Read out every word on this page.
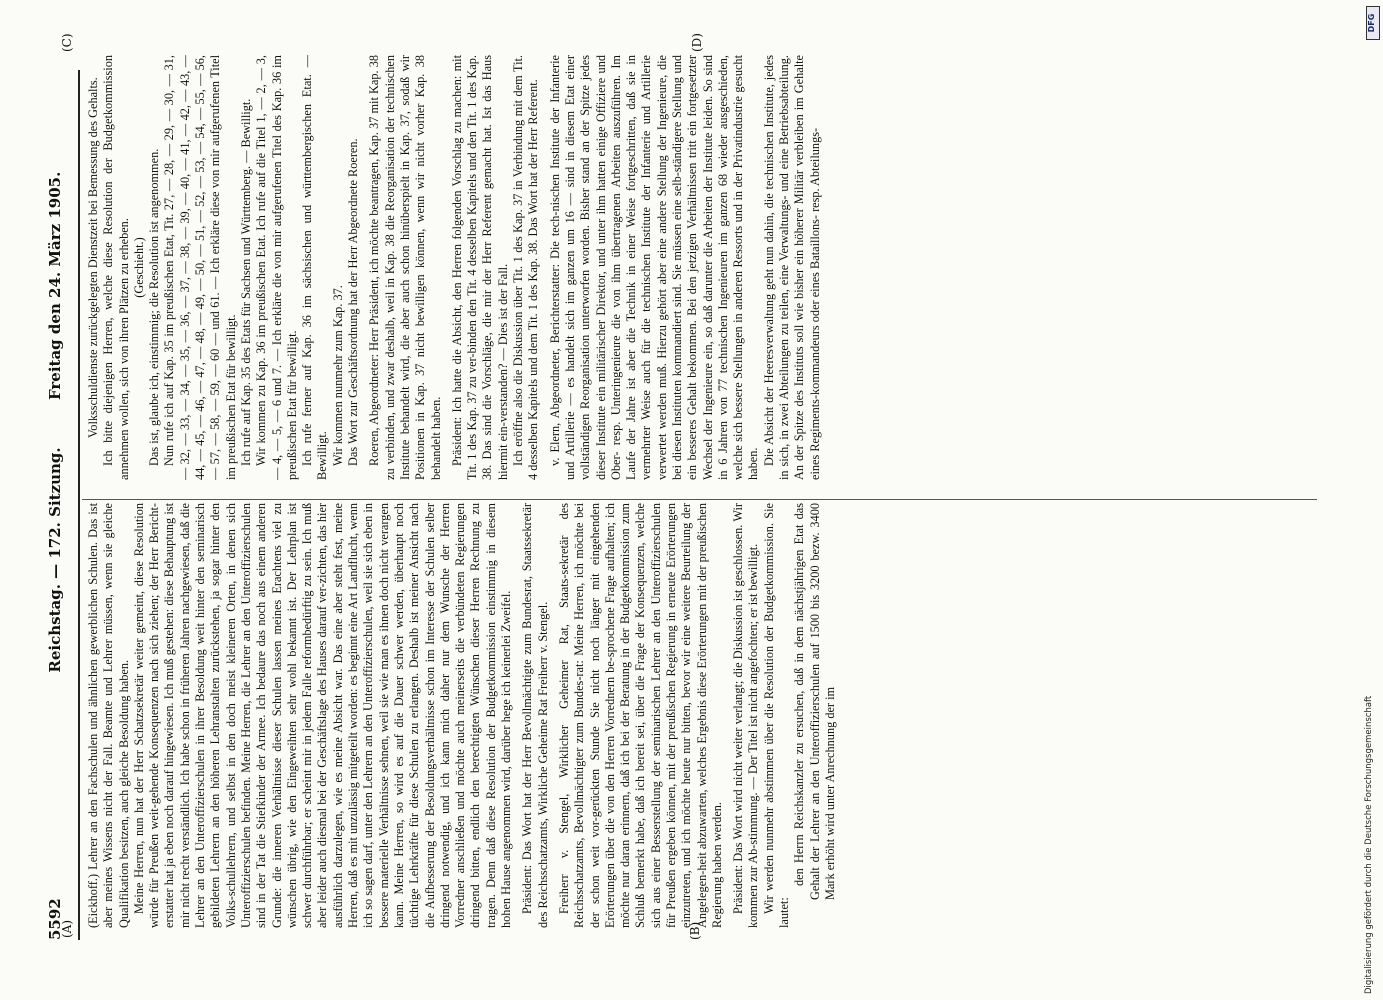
5592
Reichstag. — 172. Sitzung.
Freitag den 24. März 1905.
(A)	(B)
(C)	(D)

(Eickhoff.) Lehrer an den Fachschulen und ähnlichen gewerblichen Schulen. Das ist aber meines Wissens nicht der Fall. Beamte und Lehrer müssen, wenn sie gleiche Qualifikation besitzen, auch gleiche Besoldung haben. Meine Herren, nun hat der Herr Schatzsekretär weiter gemeint, diese Resolution würde für Preußen weit-gehende Konsequenzen nach sich ziehen; der Herr Bericht-erstatter hat ja eben noch darauf hingewiesen. Ich muß gestehen: diese Behauptung ist mir nicht recht verständlich. Ich habe schon in früheren Jahren nachgewiesen, daß die Lehrer an den Unteroffizierschulen in ihrer Besoldung weit hinter den seminarisch gebildeten Lehrern an den höheren Lehranstalten zurückstehen, ja sogar hinter den Volks-schullehrern, und selbst in den doch meist kleineren Orten, in denen sich Unteroffizierschulen befinden. Meine Herren, die Lehrer an den Unteroffizierschulen sind in der Tat die Stiefkinder der Armee. Ich bedaure das noch aus einem anderen Grunde: die inneren Verhältnisse dieser Schulen lassen meines Erachtens viel zu wünschen übrig, wie den Eingeweihten sehr wohl bekannt ist. Der Lehrplan ist schwer durchführbar; er scheint mir in jedem Falle reformbedürftig zu sein. Ich muß aber leider auch diesmal bei der Geschäftslage des Hauses darauf ver-zichten, das hier ausführlich darzulegen, wie es meine Absicht war. Das eine aber steht fest, meine Herren, daß es mit unzulässig mitgeteilt worden: es beginnt eine Art Landflucht, wenn ich so sagen darf, unter den Lehrern an den Unteroffizierschulen, weil sie sich eben in bessere materielle Verhältnisse sehnen, weil sie wie man es ihnen doch nicht verargen kann. Meine Herren, so wird es auf die Dauer schwer werden, überhaupt noch tüchtige Lehrkräfte für diese Schulen zu erlangen. Deshalb ist meiner Ansicht nach die Aufbesserung der Besoldungsverhältnisse schon im Interesse der Schulen selber dringend notwendig, und ich kann mich daher nur dem Wunsche der Herren Vorredner anschließen und möchte auch meinerseits die verbündeten Regierungen dringend bitten, endlich den berechtigten Wünschen dieser Herren Rechnung zu tragen. Denn daß diese Resolution der Budgetkommission einstimmig in diesem hohen Hause angenommen wird, darüber hege ich keinerlei Zweifel. Präsident: Das Wort hat der Herr Bevollmächtigte zum Bundesrat, Staatssekretär des Reichsschatzamts, Wirkliche Geheime Rat Freiherr v. Stengel. Freiherr v. Stengel, Wirklicher Geheimer Rat, Staats-sekretär des Reichsschatzamts, Bevollmächtigter zum Bundes-rat: Meine Herren, ich möchte bei der schon weit vor-gerückten Stunde Sie nicht noch länger mit eingehenden Erörterungen über die von den Herren Vorrednern be-sprochene Frage aufhalten; ich möchte nur daran erinnern, daß ich bei der Beratung in der Budgetkommission zum Schluß bemerkt habe, daß ich bereit sei, über die Frage der Konsequenzen, welche sich aus einer Besserstellung der seminarischen Lehrer an den Unteroffizierschulen für Preußen ergeben können, mit der preußischen Regierung in erneute Erörterungen einzutreten, und ich möchte heute nur bitten, bevor wir eine weitere Beurteilung der Angelegen-heit abzuwarten, welches Ergebnis diese Erörterungen mit der preußischen Regierung haben werden. Präsident: Das Wort wird nicht weiter verlangt; die Diskussion ist geschlossen. Wir kommen zur Ab-stimmung. — Der Titel ist nicht angefochten; er ist bewilligt. Wir werden nunmehr abstimmen über die Resolution der Budgetkommission. Sie lautet:

den Herrn Reichskanzler zu ersuchen, daß in dem nächstjährigen Etat das Gehalt der Lehrer an den Unteroffizierschulen auf 1500 bis 3200 bezw. 3400 Mark erhöht wird unter Anrechnung der im

Volksschuldienste zurückgelegten Dienstzeit bei Bemessung des Gehalts. Ich bitte diejenigen Herren, welche diese Resolution der Budgetkommission annehmen wollen, sich von ihren Plätzen zu erheben. (Geschieht.) Das ist, glaube ich, einstimmig; die Resolution ist angenommen. Nun rufe ich auf Kap. 35 im preußischen Etat, Tit. 27, — 28, — 29, — 30, — 31, — 32, — 33, — 34, — 35, — 36, — 37, — 38, — 39, — 40, — 41, — 42, — 43, — 44, — 45, — 46, — 47, — 48, — 49, — 50, — 51, — 52, — 53, — 54, — 55, — 56, — 57, — 58, — 59, — 60 — und 61. — Ich erkläre diese von mir aufgerufenen Titel im preußischen Etat für bewilligt. Ich rufe auf Kap. 35 des Etats für Sachsen und Württemberg. — Bewilligt. Wir kommen zu Kap. 36 im preußischen Etat. Ich rufe auf die Titel 1, — 2, — 3, — 4, — 5, — 6 und 7. — Ich erkläre die von mir aufgerufenen Titel des Kap. 36 im preußischen Etat für bewilligt. Ich rufe ferner auf Kap. 36 im sächsischen und württembergischen Etat. — Bewilligt. Wir kommen nunmehr zum Kap. 37. Das Wort zur Geschäftsordnung hat der Herr Abgeordnete Roeren. Roeren, Abgeordneter: Herr Präsident, ich möchte beantragen, Kap. 37 mit Kap. 38 zu verbinden, und zwar deshalb, weil in Kap. 38 die Reorganisation der technischen Institute behandelt wird, die aber auch schon hinüberspielt in Kap. 37, sodaß wir Positionen in Kap. 37 nicht bewilligen können, wenn wir nicht vorher Kap. 38 behandelt haben. Präsident: Ich hatte die Absicht, den Herren folgenden Vorschlag zu machen: mit Tit. 1 des Kap. 37 zu ver-binden den Tit. 4 desselben Kapitels und den Tit. 1 des Kap. 38. Das sind die Vorschläge, die mir der Herr Referent gemacht hat. Ist das Haus hiermit ein-verstanden? — Dies ist der Fall. Ich eröffne also die Diskussion über Tit. 1 des Kap. 37 in Verbindung mit dem Tit. 4 desselben Kapitels und dem Tit. 1 des Kap. 38. Das Wort hat der Herr Referent. v. Elern, Abgeordneter, Berichterstatter: Die tech-nischen Institute der Infanterie und Artillerie — es handelt sich im ganzen um 16 — sind in diesem Etat einer vollständigen Reorganisation unterworfen worden. Bisher stand an der Spitze jedes dieser Institute ein militärischer Direktor, und unter ihm hatten einige Offiziere und Ober- resp. Unteringenieure die von ihm übertragenen Arbeiten auszuführen. Im Laufe der Jahre ist aber die Technik in einer Weise fortgeschritten, daß sie in vermehrter Weise auch für die technischen Institute der Infanterie und Artillerie verwertet werden muß. Hierzu gehört aber eine andere Stellung der Ingenieure, die bei diesen Instituten kommandiert sind. Sie müssen eine selb-ständigere Stellung und ein besseres Gehalt bekommen. Bei den jetzigen Verhältnissen tritt ein fortgesetzter Wechsel der Ingenieure ein, so daß darunter die Arbeiten der Institute leiden. So sind in 6 Jahren von 77 technischen Ingenieuren im ganzen 68 wieder ausgeschieden, welche sich bessere Stellungen in anderen Ressorts und in der Privatindustrie gesucht haben. Die Absicht der Heeresverwaltung geht nun dahin, die technischen Institute, jedes in sich, in zwei Abteilungen zu teilen, eine Verwaltungs- und eine Betriebsabteilung. An der Spitze des Instituts soll wie bisher ein höherer Militär verbleiben im Gehalte eines Regiments-kommandeurs oder eines Bataillons- resp. Abteilungs-

DFG
Digitalisierung gefördert durch die Deutsche Forschungsgemeinschaft
